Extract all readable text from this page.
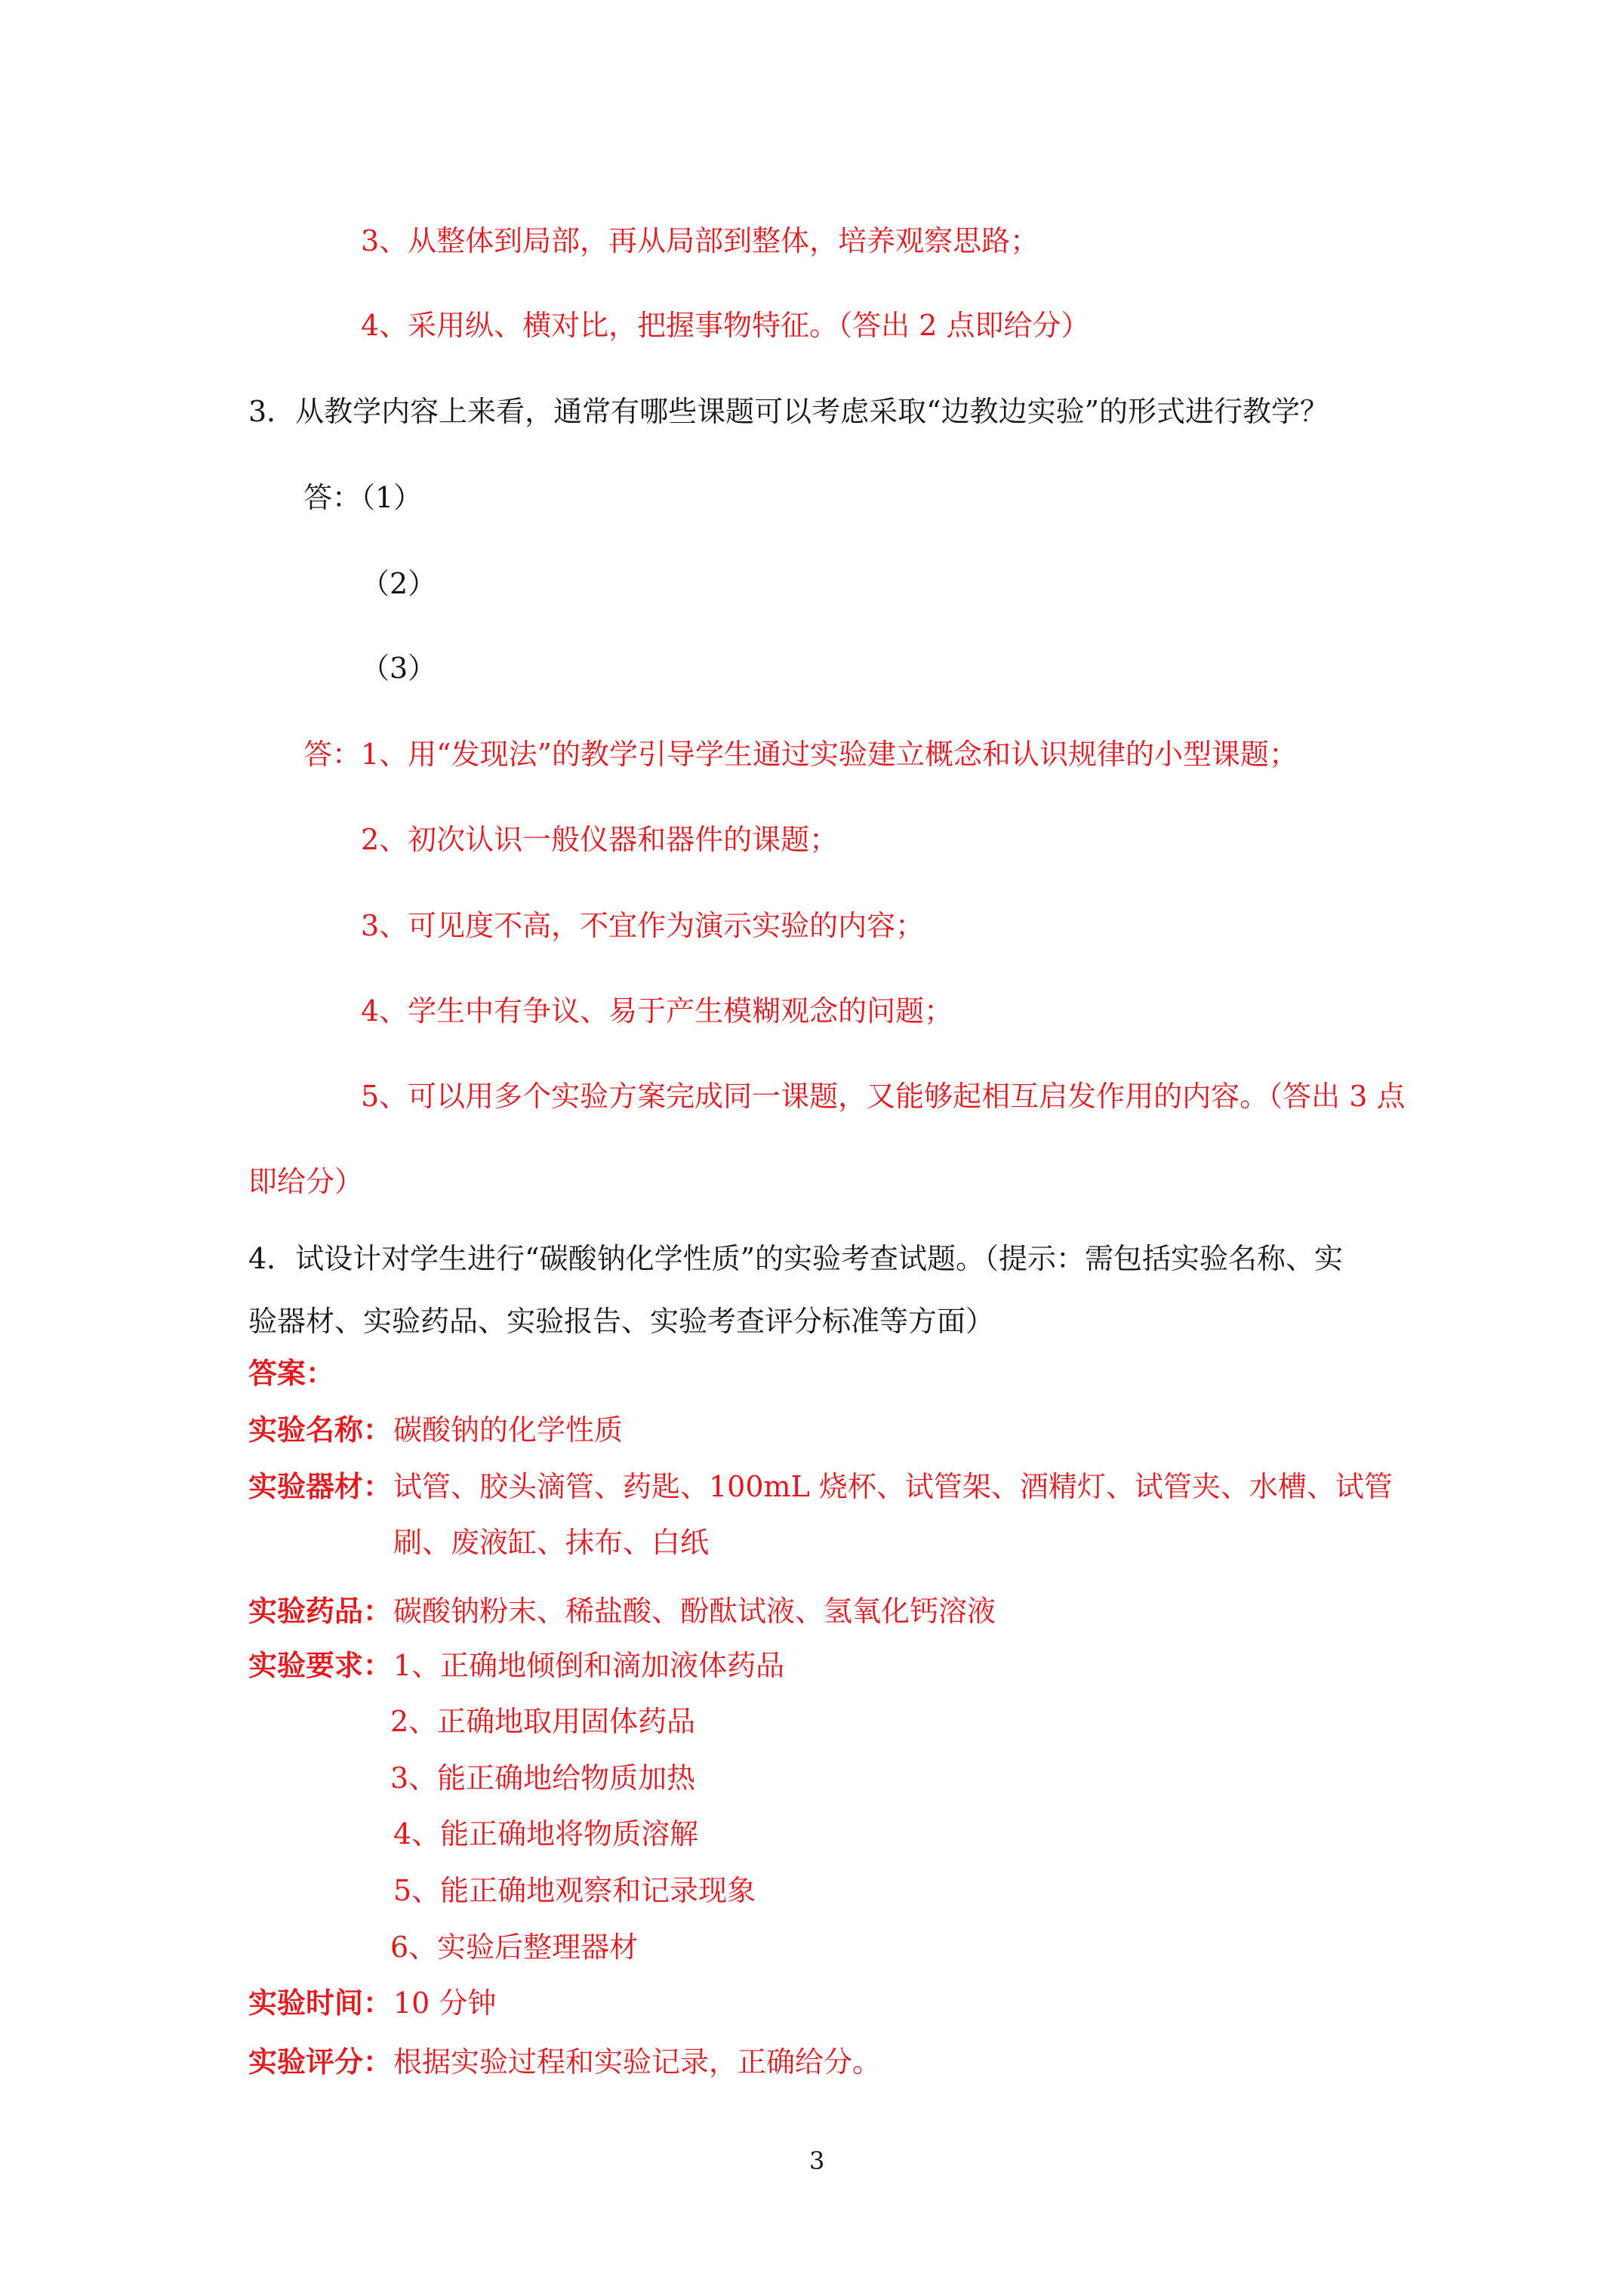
3、从整体到局部，再从局部到整体，培养观察思路；

4、采用纵、横对比，把握事物特征。（答出 2 点即给分）

3．从教学内容上来看，通常有哪些课题可以考虑采取“边教边实验”的形式进行教学？

答：（1）

（2）

（3）

答：1、用“发现法”的教学引导学生通过实验建立概念和认识规律的小型课题；

2、初次认识一般仪器和器件的课题；

3、可见度不高，不宜作为演示实验的内容；

4、学生中有争议、易于产生模糊观念的问题；

5、可以用多个实验方案完成同一课题，又能够起相互启发作用的内容。（答出 3 点

即给分）

4．试设计对学生进行“碳酸钠化学性质”的实验考查试题。（提示：需包括实验名称、实

验器材、实验药品、实验报告、实验考查评分标准等方面）

答案：

实验名称： 碳酸钠的化学性质

实验器材： 试管、胶头滴管、药匙、100mL 烧杯、试管架、酒精灯、试管夹、水槽、试管

刷、废液缸、抹布、白纸

实验药品： 碳酸钠粉末、稀盐酸、酚酞试液、氢氧化钙溶液

实验要求： 1、正确地倾倒和滴加液体药品

2、正确地取用固体药品

3、能正确地给物质加热

4、能正确地将物质溶解

5、能正确地观察和记录现象

6、实验后整理器材

实验时间： 10 分钟

实验评分： 根据实验过程和实验记录，正确给分。

3
